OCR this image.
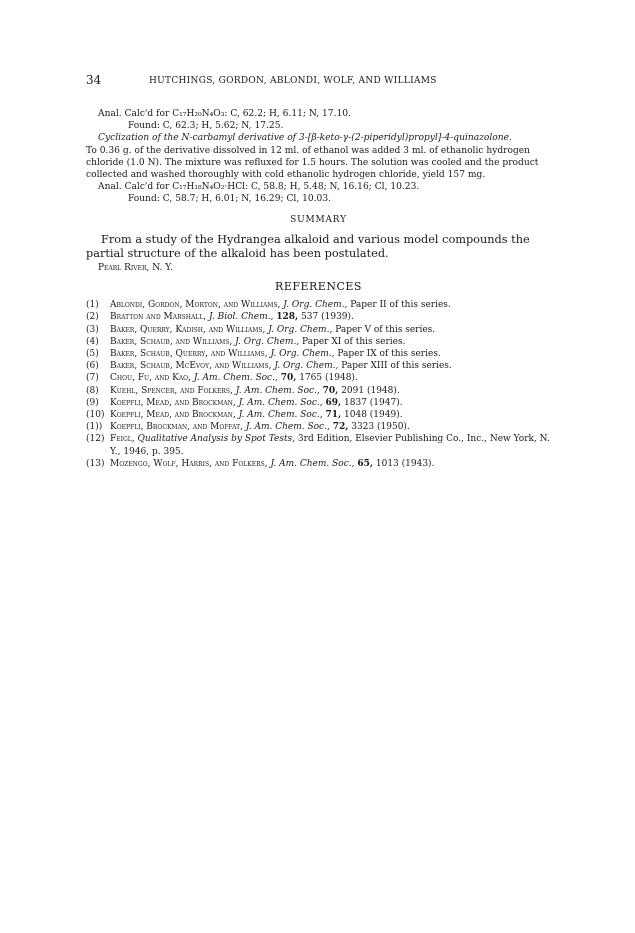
34	HUTCHINGS, GORDON, ABLONDI, WOLF, AND WILLIAMS

Anal. Calc'd for C₁₇H₂₀N₄O₃: C, 62.2; H, 6.11; N, 17.10.

Found: C, 62.3; H, 5.62; N, 17.25.

Cyclization of the N-carbamyl derivative of 3-[β-keto-γ-(2-piperidyl)propyl]-4-quinazolone.

To 0.36 g. of the derivative dissolved in 12 ml. of ethanol was added 3 ml. of ethanolic hydrogen chloride (1.0 N). The mixture was refluxed for 1.5 hours. The solution was cooled and the product collected and washed thoroughly with cold ethanolic hydrogen chloride, yield 157 mg.

Anal. Calc'd for C₁₇H₁₈N₄O₂·HCl: C, 58.8; H, 5.48; N, 16.16; Cl, 10.23.

Found: C, 58.7; H, 6.01; N, 16.29; Cl, 10.03.

SUMMARY

From a study of the Hydrangea alkaloid and various model compounds the partial structure of the alkaloid has been postulated.

Pearl River, N. Y.

REFERENCES
(1)	Ablondi, Gordon, Morton, and Williams, J. Org. Chem., Paper II of this series.
(2)	Bratton and Marshall, J. Biol. Chem., 128, 537 (1939).
(3)	Baker, Querry, Kadish, and Williams, J. Org. Chem., Paper V of this series.
(4)	Baker, Schaub, and Williams, J. Org. Chem., Paper XI of this series.
(5)	Baker, Schaub, Querry, and Williams, J. Org. Chem., Paper IX of this series.
(6)	Baker, Schaub, McEvoy, and Williams, J. Org. Chem., Paper XIII of this series.
(7)	Chou, Fu, and Kao, J. Am. Chem. Soc., 70, 1765 (1948).
(8)	Kuehl, Spencer, and Folkers, J. Am. Chem. Soc., 70, 2091 (1948).
(9)	Koepfli, Mead, and Brockman, J. Am. Chem. Soc., 69, 1837 (1947).
(10) Koepfli, Mead, and Brockman, J. Am. Chem. Soc., 71, 1048 (1949).
(1)) Koepfli, Brockman, and Moffat, J. Am. Chem. Soc., 72, 3323 (1950).
(12) Feigl, Qualitative Analysis by Spot Tests, 3rd Edition, Elsevier Publishing Co., Inc., New York, N. Y., 1946, p. 395.
(13) Mozengo, Wolf, Harris, and Folkers, J. Am. Chem. Soc., 65, 1013 (1943).
